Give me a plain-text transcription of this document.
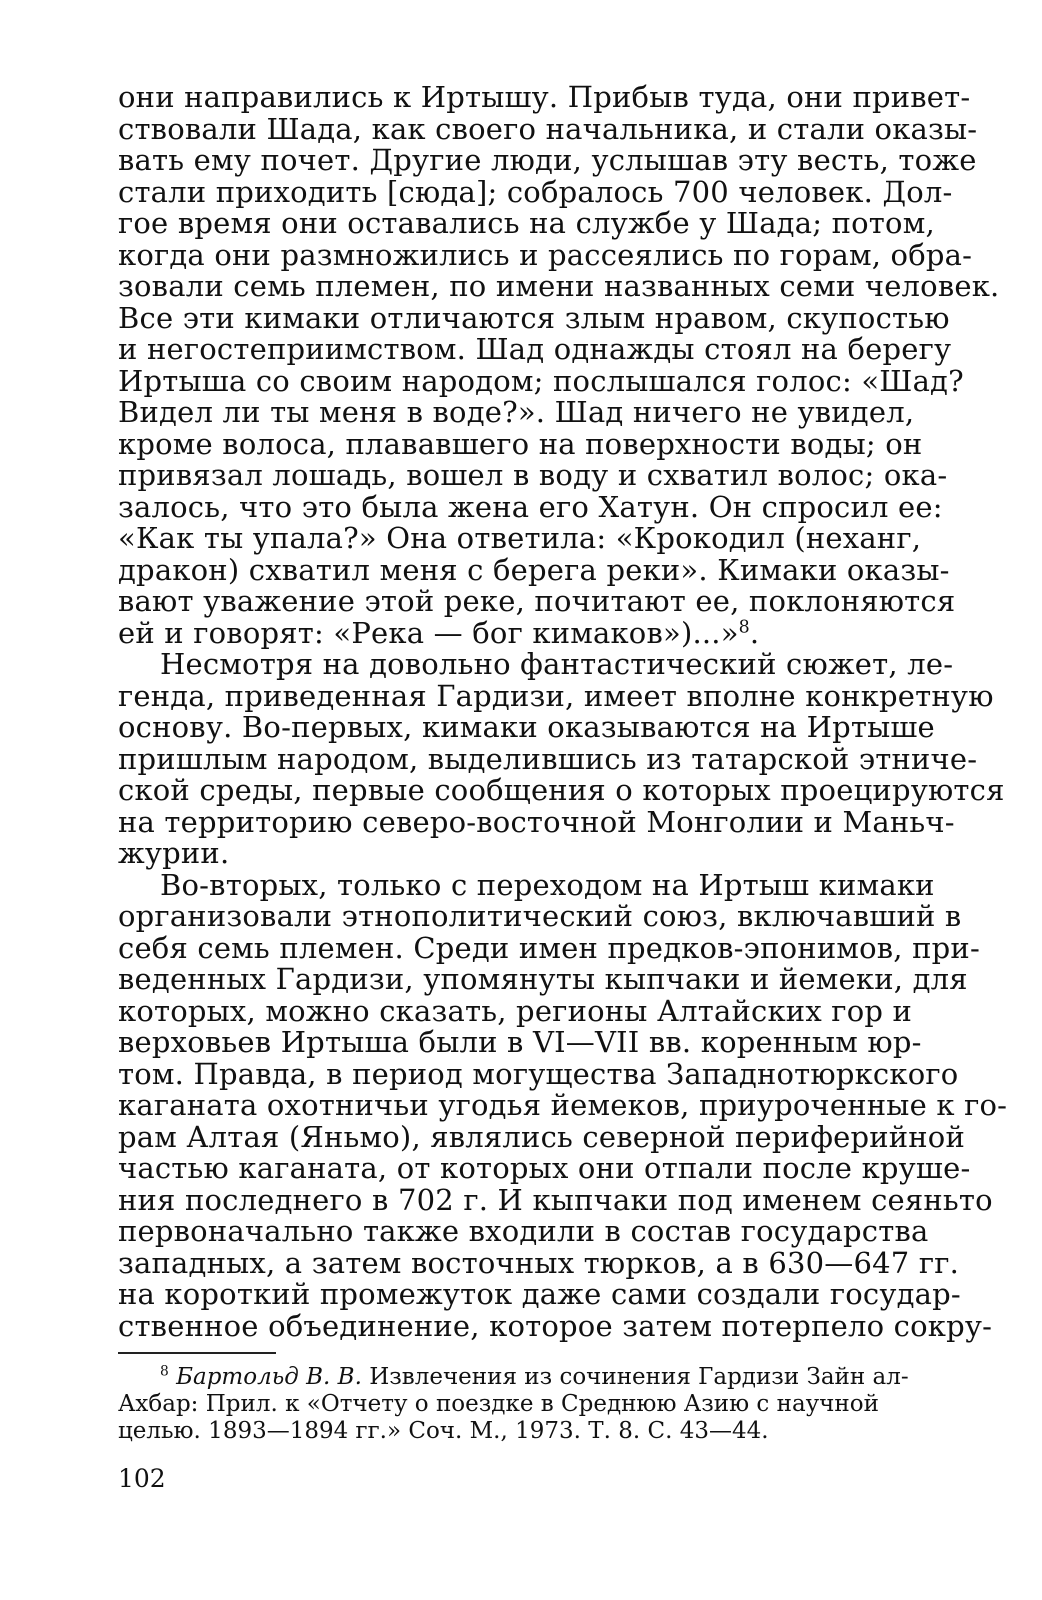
они направились к Иртышу. Прибыв туда, они привет-
ствовали Шада, как своего начальника, и стали оказы-
вать ему почет. Другие люди, услышав эту весть, тоже
стали приходить [сюда]; собралось 700 человек. Дол-
гое время они оставались на службе у Шада; потом,
когда они размножились и рассеялись по горам, обра-
зовали семь племен, по имени названных семи человек.
Все эти кимаки отличаются злым нравом, скупостью
и негостеприимством. Шад однажды стоял на берегу
Иртыша со своим народом; послышался голос: «Шад?
Видел ли ты меня в воде?». Шад ничего не увидел,
кроме волоса, плававшего на поверхности воды; он
привязал лошадь, вошел в воду и схватил волос; ока-
залось, что это была жена его Хатун. Он спросил ее:
«Как ты упала?» Она ответила: «Крокодил (неханг,
дракон) схватил меня с берега реки». Кимаки оказы-
вают уважение этой реке, почитают ее, поклоняются
ей и говорят: «Река — бог кимаков»)...»$^8$.
Несмотря на довольно фантастический сюжет, ле-
генда, приведенная Гардизи, имеет вполне конкретную
основу. Во-первых, кимаки оказываются на Иртыше
пришлым народом, выделившись из татарской этниче-
ской среды, первые сообщения о которых проецируются
на территорию северо-восточной Монголии и Маньч-
журии.
Во-вторых, только с переходом на Иртыш кимаки
организовали этнополитический союз, включавший в
себя семь племен. Среди имен предков-эпонимов, при-
веденных Гардизи, упомянуты кыпчаки и йемеки, для
которых, можно сказать, регионы Алтайских гор и
верховьев Иртыша были в VI—VII вв. коренным юр-
том. Правда, в период могущества Западнотюркского
каганата охотничьи угодья йемеков, приуроченные к го-
рам Алтая (Яньмо), являлись северной периферийной
частью каганата, от которых они отпали после круше-
ния последнего в 702 г. И кыпчаки под именем сеяньто
первоначально также входили в состав государства
западных, а затем восточных тюрков, а в 630—647 гг.
на короткий промежуток даже сами создали государ-
ственное объединение, которое затем потерпело сокру-
$^8$ Бартольд В. В. Извлечения из сочинения Гардизи Зайн ал-
Ахбар: Прил. к «Отчету о поездке в Среднюю Азию с научной
целью. 1893—1894 гг.» Соч. М., 1973. Т. 8. С. 43—44.
102
